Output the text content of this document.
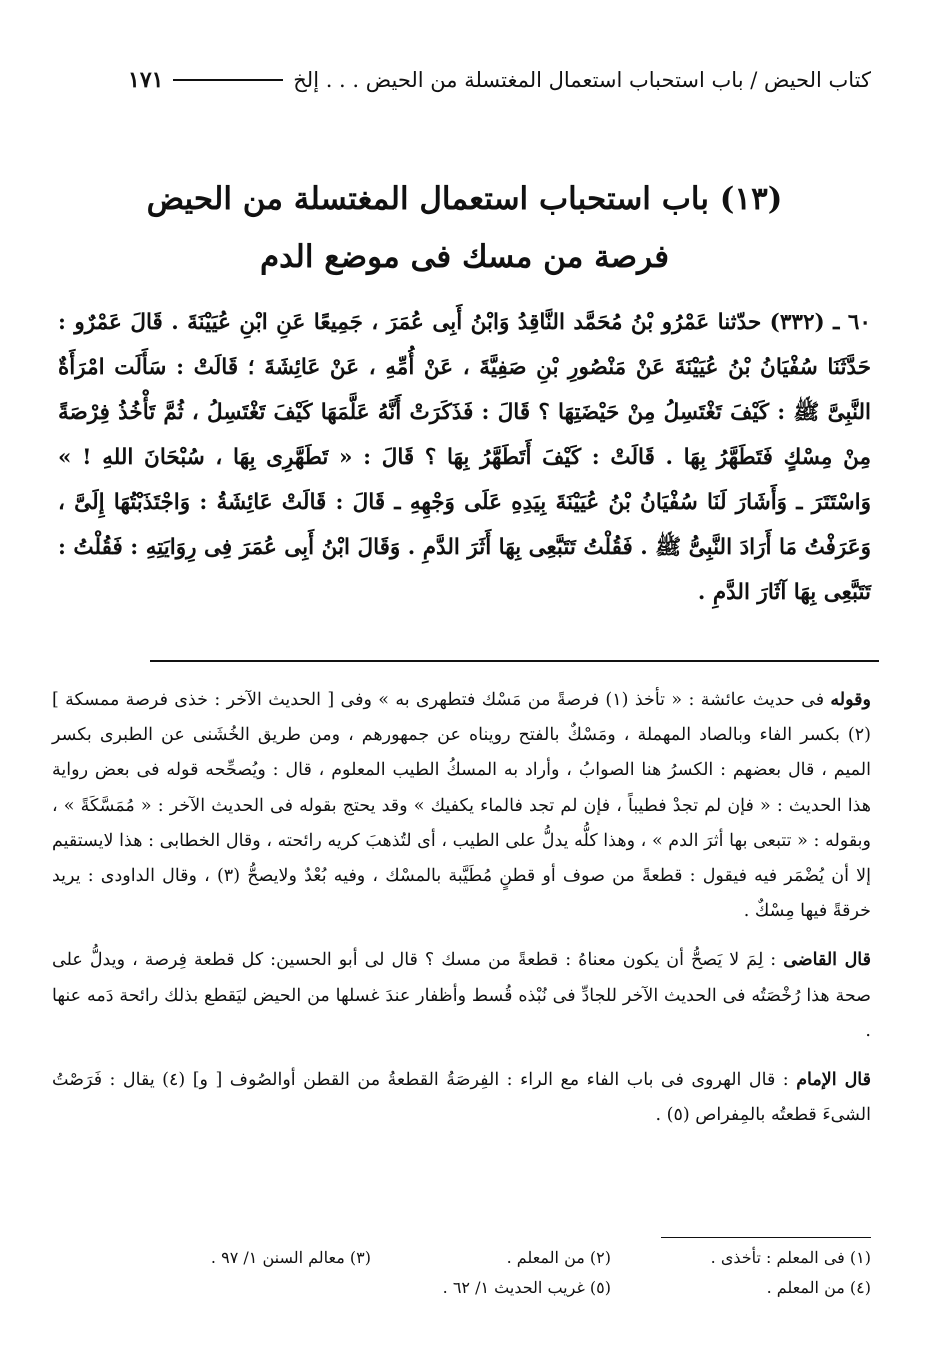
كتاب الحيض / باب استحباب استعمال المغتسلة من الحيض . . . إلخ
١٧١
(١٣) باب استحباب استعمال المغتسلة من الحيض
فرصة من مسك فى موضع الدم
٦٠ ـ (٣٣٢) حدّثنا عَمْرُو بْنُ مُحَمَّد النَّاقِدُ وَابْنُ أَبِى عُمَرَ ، جَمِيعًا عَنِ ابْنِ عُيَيْنَةَ . قَالَ عَمْرٌو : حَدَّثَنَا سُفْيَانُ بْنُ عُيَيْنَةَ عَنْ مَنْصُورِ بْنِ صَفِيَّةَ ، عَنْ أُمِّهِ ، عَنْ عَائِشَةَ ؛ قَالَتْ : سَأَلَت امْرَأَةٌ النَّبِىَّ ﷺ : كَيْفَ تَغْتَسِلُ مِنْ حَيْضَتِهَا ؟ قَالَ : فَذَكَرَتْ أَنَّهُ عَلَّمَهَا كَيْفَ تَغْتَسِلُ ، ثُمَّ تَأْخُذُ فِرْصَةً مِنْ مِسْكٍ فَتَطَهَّرُ بِهَا . قَالَتْ : كَيْفَ أَتَطَهَّرُ بِهَا ؟ قَالَ : « تَطَهَّرِى بِهَا ، سُبْحَانَ اللهِ ! » وَاسْتَتَرَ ـ وَأَشَارَ لَنَا سُفْيَانُ بْنُ عُيَيْنَةَ بِيَدِهِ عَلَى وَجْهِهِ ـ قَالَ : قَالَتْ عَائِشَةُ : وَاجْتَذَبْتُهَا إِلَىَّ ، وَعَرَفْتُ مَا أَرَادَ النَّبِىُّ ﷺ . فَقُلْتُ تَتَبَّعِى بِهَا أَثَرَ الدَّمِ . وَقَالَ ابْنُ أَبِى عُمَرَ فِى رِوَايَتِهِ : فَقُلْتُ : تَتَبَّعِى بِهَا آثَارَ الدَّمِ .

وقوله فى حديث عائشة : « تأخذ (١) فرصةً من مَسْك فتطهرى به » وفى [ الحديث الآخر : خذى فرصة ممسكة ] (٢) بكسر الفاء وبالصاد المهملة ، ومَسْكٌ بالفتح رويناه عن جمهورهم ، ومن طريق الخُشَنى عن الطبرى بكسر الميم ، قال بعضهم : الكسرُ هنا الصوابُ ، وأراد به المسكُ الطيب المعلوم ، قال : ويُصحِّحه قوله فى بعض رواية هذا الحديث : « فإن لم تجدْ فطيباً ، فإن لم تجد فالماء يكفيك » وقد يحتج بقوله فى الحديث الآخر : « مُمَسَّكَةً » ، وبقوله : « تتبعى بها أثرَ الدم » ، وهذا كلُّه يدلُّ على الطيب ، أى لتُذهبَ كريه رائحته ، وقال الخطابى : هذا لايستقيم إلا أن يُضْمَر فيه فيقول : قطعةً من صوف أو قطنٍ مُطَيَّبة بالمسْك ، وفيه بُعْدٌ ولايصحُّ (٣) ، وقال الداودى : يريد خرقةً فيها مِسْكٌ .

قال القاضى : لِمَ لا يَصحُّ أن يكون معناهُ : قطعةً من مسك ؟ قال لى أبو الحسين: كل قطعة فِرصة ، ويدلُّ على صحة هذا رُخْصَتُه فى الحديث الآخر للجادِّ فى نُبْذه قُسط وأظفار عندَ غسلها من الحيض ليَقطع بذلك رائحة دَمه عنها .

قال الإمام : قال الهروى فى باب الفاء مع الراء : الفِرصَةُ القطعةُ من القطن أوالصُوف [ و] (٤) يقال : فَرَصْتُ الشىءَ قطعتُه بالمِفراص (٥) .

(١) فى المعلم : تأخذى .
(٢) من المعلم .
(٣) معالم السنن ١/ ٩٧ .
(٤) من المعلم .
(٥) غريب الحديث ١/ ٦٢ .
